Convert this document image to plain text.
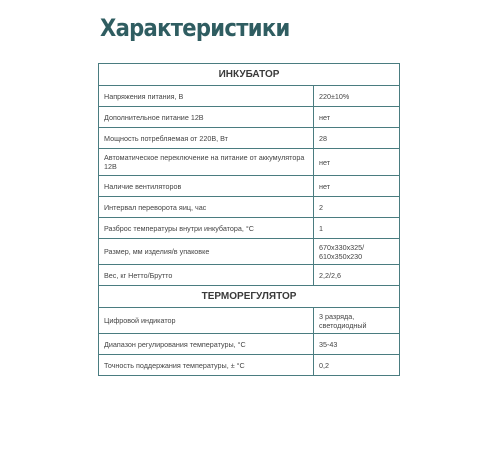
Характеристики
ИНКУБАТОР	
Напряжения питания, В	220±10%
Дополнительное питание 12В	нет
Мощность потребляемая от 220В, Вт	28
Автоматическое переключение на питание от аккумулятора 12В	нет
Наличие вентиляторов	нет
Интервал переворота яиц, час	2
Разброс температуры внутри инкубатора, °С	1
Размер, мм изделия/в упаковке	670х330х325/ 610х350х230
Вес, кг Нетто/Брутто	2,2/2,6
ТЕРМОРЕГУЛЯТОР	
Цифровой индикатор	3 разряда, светодиодный
Диапазон регулирования температуры, °С	35-43
Точность поддержания температуры, ± °С	0,2
